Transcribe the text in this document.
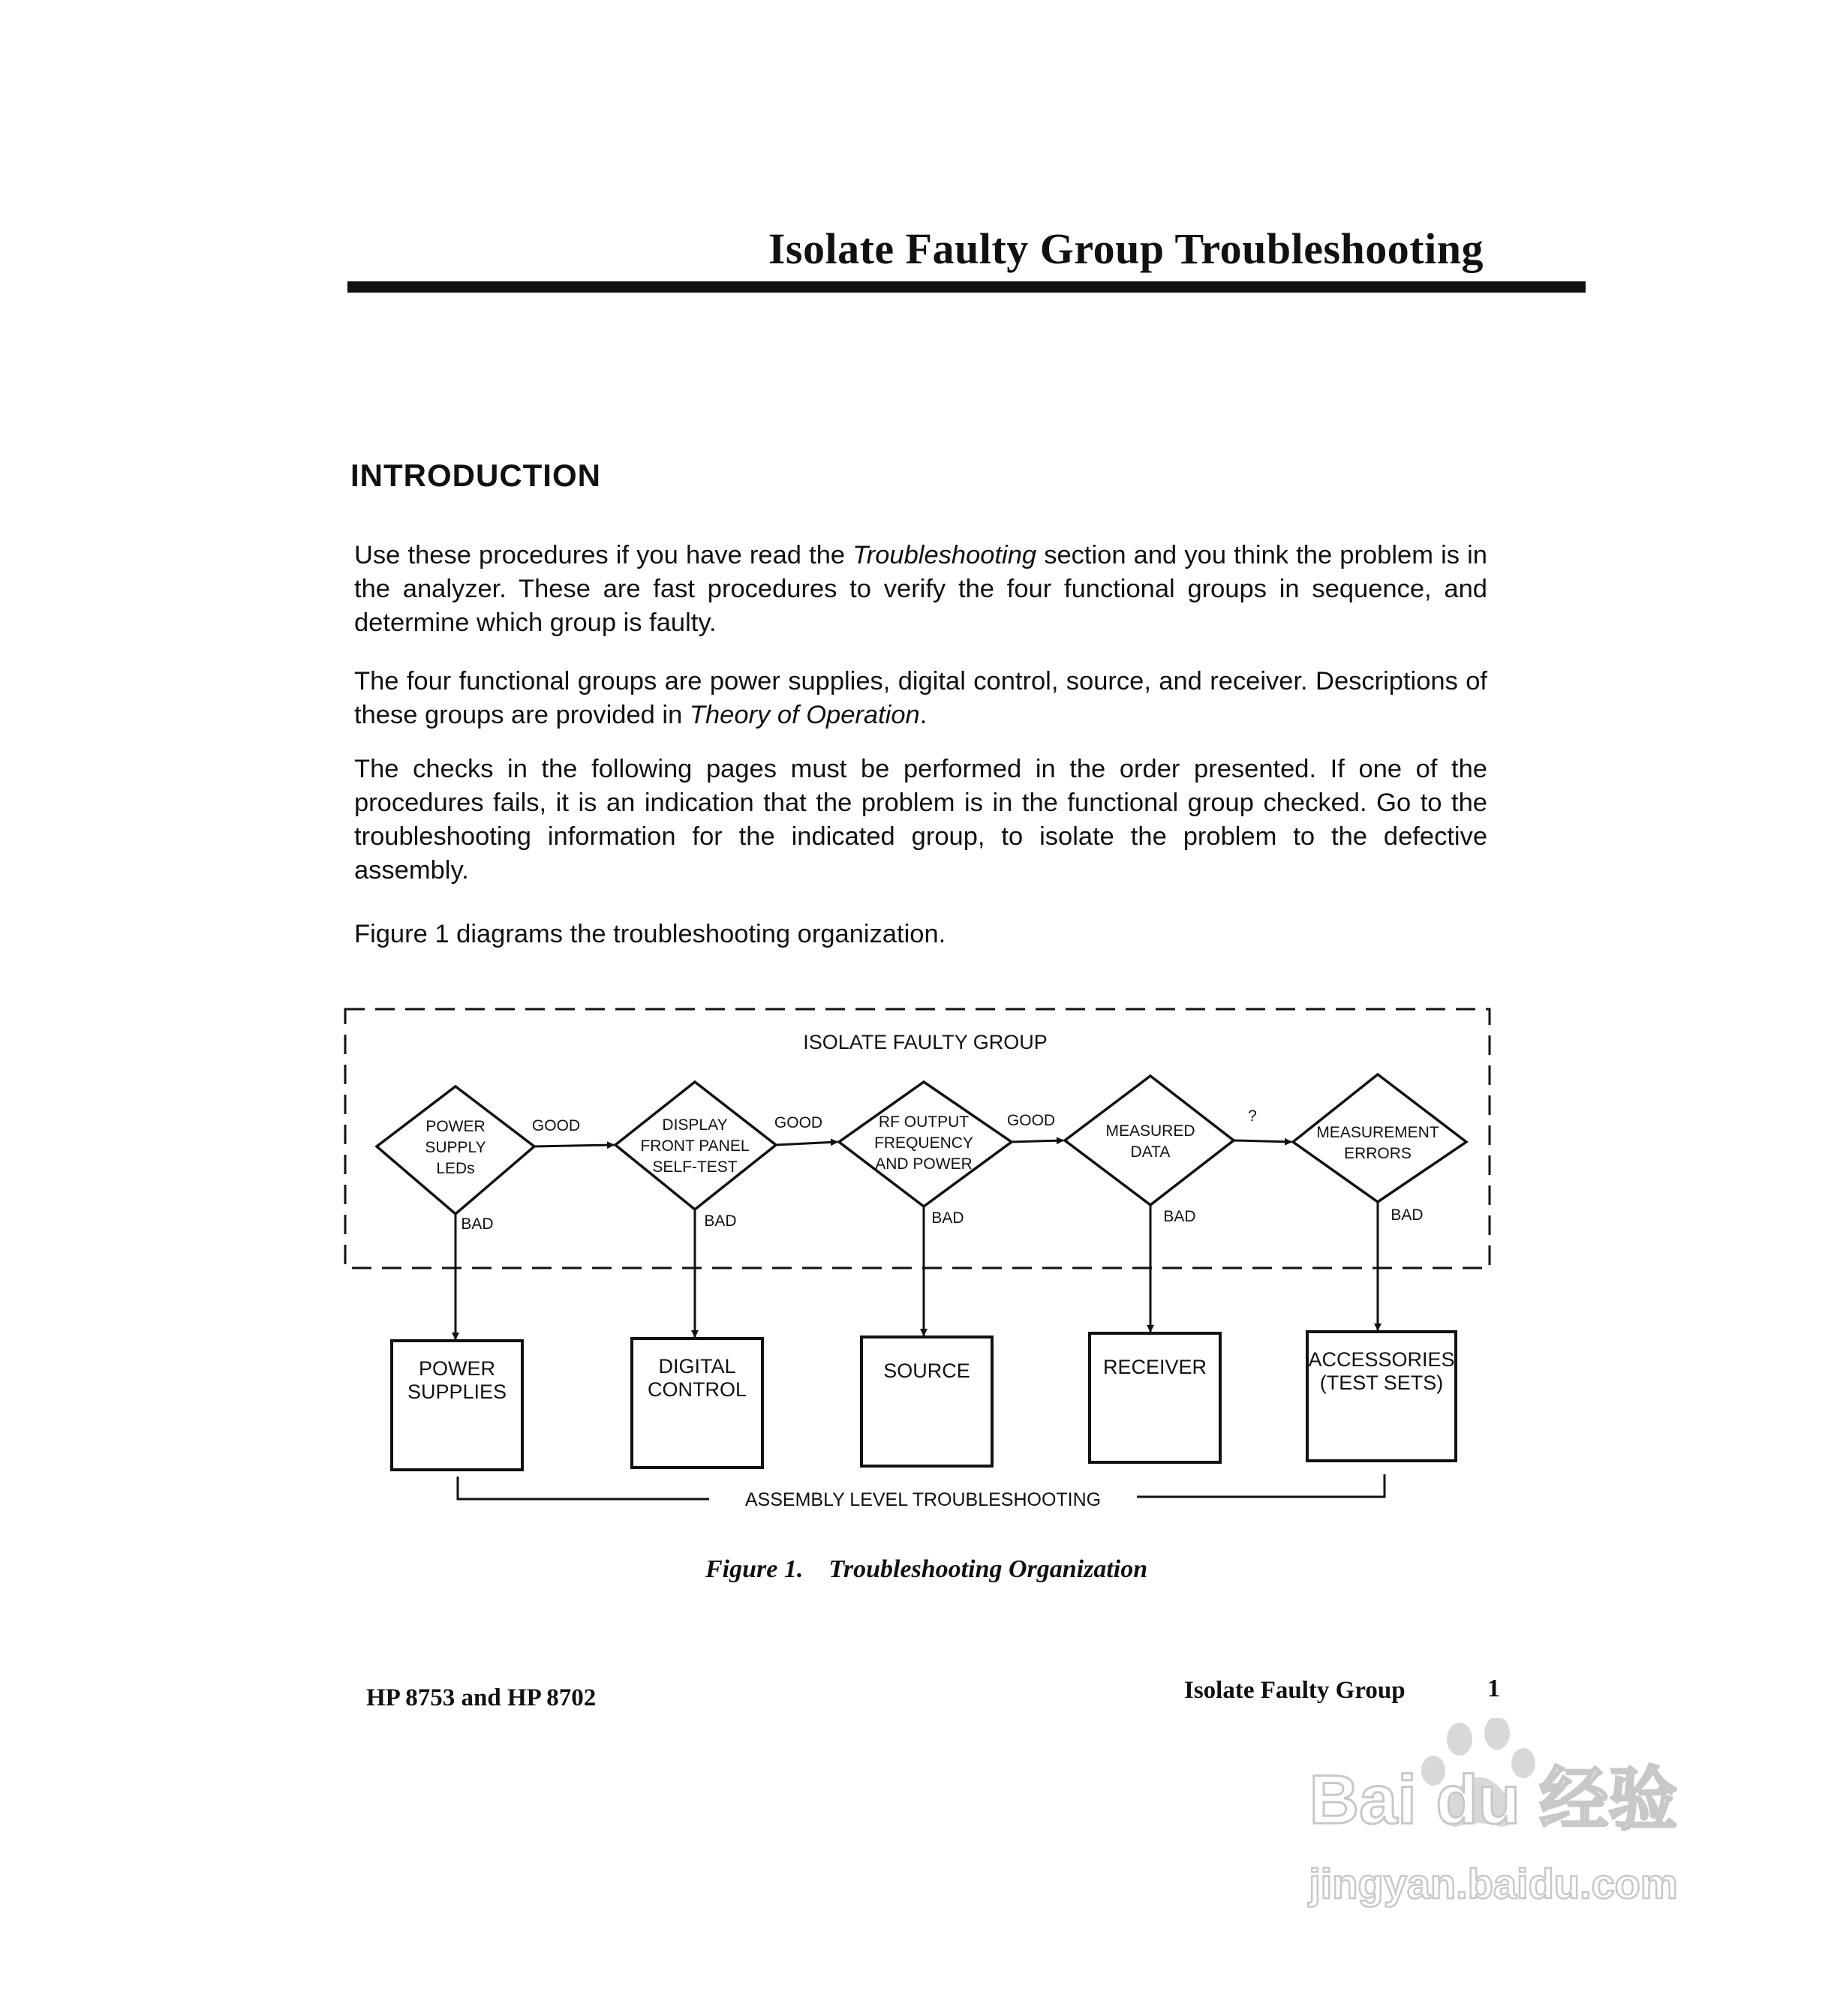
Isolate Faulty Group Troubleshooting
INTRODUCTION

Use these procedures if you have read the Troubleshooting section and you think the problem is in the analyzer. These are fast procedures to verify the four functional groups in sequence, and determine which group is faulty.

The four functional groups are power supplies, digital control, source, and receiver. Descriptions of these groups are provided in Theory of Operation.

The checks in the following pages must be performed in the order presented. If one of the procedures fails, it is an indication that the problem is in the functional group checked. Go to the troubleshooting information for the indicated group, to isolate the problem to the defective assembly.

Figure 1 diagrams the troubleshooting organization.

ISOLATE FAULTY GROUP
POWER
SUPPLY
LEDs
DISPLAY
FRONT PANEL
SELF-TEST
RF OUTPUT
FREQUENCY
AND POWER
MEASURED
DATA
MEASUREMENT
ERRORS
GOOD	GOOD	GOOD	?
BAD	BAD	BAD	BAD	BAD
POWER
SUPPLIES
DIGITAL
CONTROL
SOURCE	RECEIVER	ACCESSORIES
(TEST SETS)
ASSEMBLY LEVEL TROUBLESHOOTING
Figure 1. Troubleshooting Organization
HP 8753 and HP 8702	Isolate Faulty Group	1
Bai du 经验
jingyan.baidu.com
